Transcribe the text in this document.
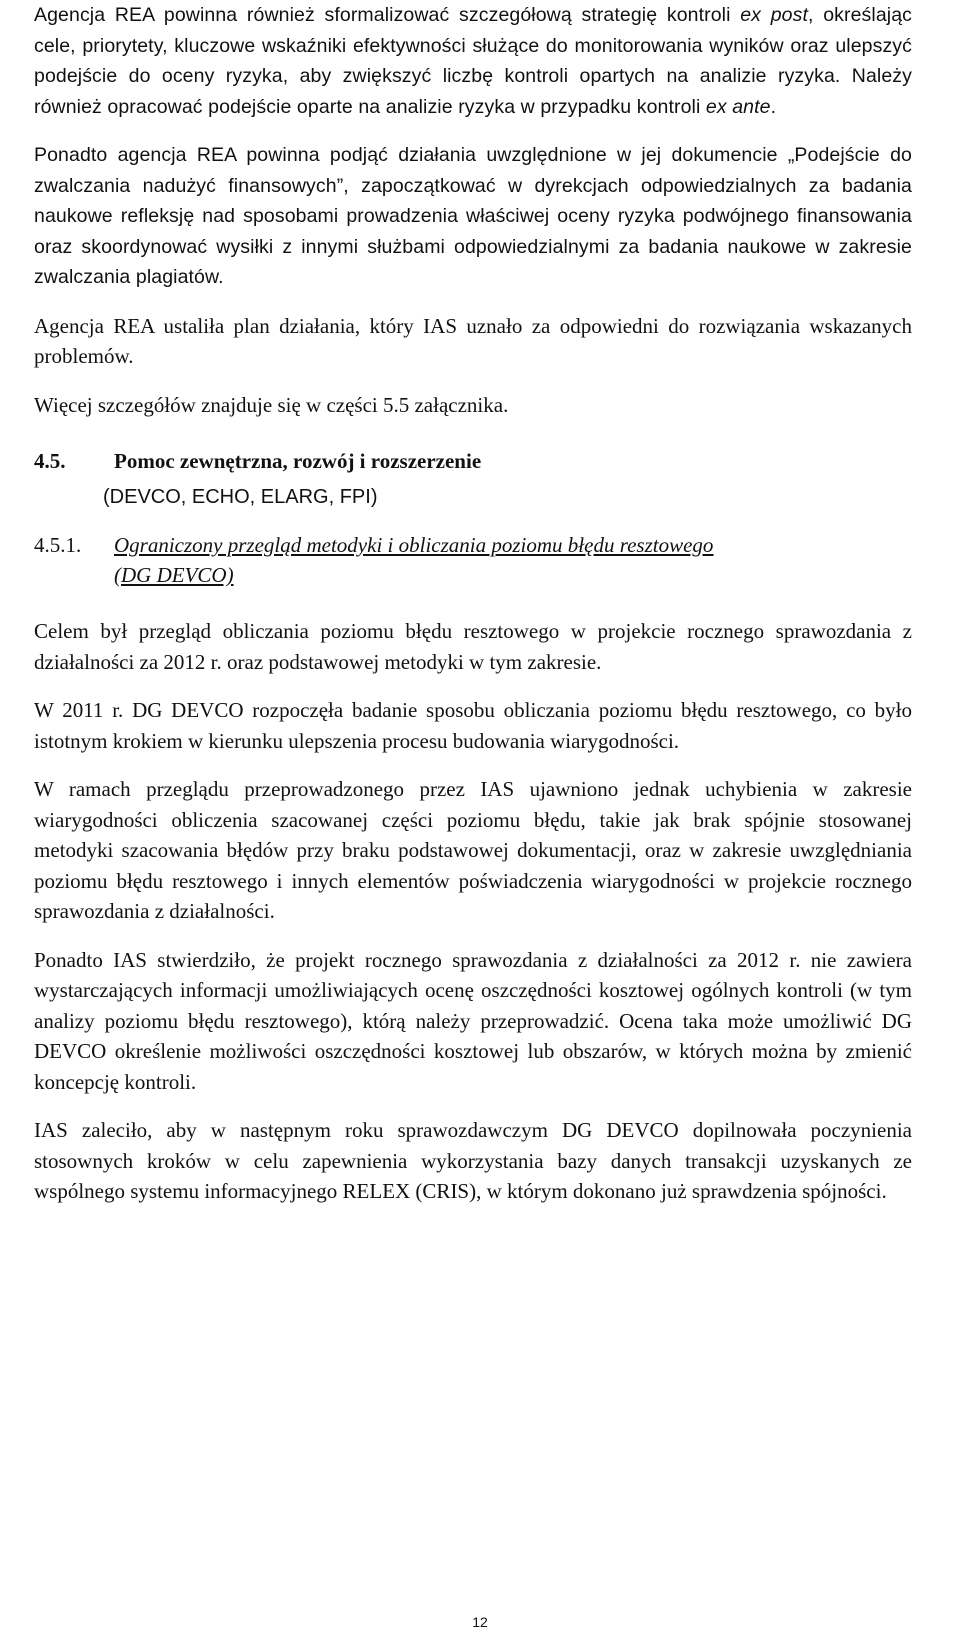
Agencja REA powinna również sformalizować szczegółową strategię kontroli ex post, określając cele, priorytety, kluczowe wskaźniki efektywności służące do monitorowania wyników oraz ulepszyć podejście do oceny ryzyka, aby zwiększyć liczbę kontroli opartych na analizie ryzyka. Należy również opracować podejście oparte na analizie ryzyka w przypadku kontroli ex ante.

Ponadto agencja REA powinna podjąć działania uwzględnione w jej dokumencie „Podejście do zwalczania nadużyć finansowych”, zapoczątkować w dyrekcjach odpowiedzialnych za badania naukowe refleksję nad sposobami prowadzenia właściwej oceny ryzyka podwójnego finansowania oraz skoordynować wysiłki z innymi służbami odpowiedzialnymi za badania naukowe w zakresie zwalczania plagiatów.

Agencja REA ustaliła plan działania, który IAS uznało za odpowiedni do rozwiązania wskazanych problemów.

Więcej szczegółów znajduje się w części 5.5 załącznika.

4.5.	Pomoc zewnętrzna, rozwój i rozszerzenie
(DEVCO, ECHO, ELARG, FPI)
4.5.1.	Ograniczony przegląd metodyki i obliczania poziomu błędu resztowego
(DG DEVCO)

Celem był przegląd obliczania poziomu błędu resztowego w projekcie rocznego sprawozdania z działalności za 2012 r. oraz podstawowej metodyki w tym zakresie.

W 2011 r. DG DEVCO rozpoczęła badanie sposobu obliczania poziomu błędu resztowego, co było istotnym krokiem w kierunku ulepszenia procesu budowania wiarygodności.

W ramach przeglądu przeprowadzonego przez IAS ujawniono jednak uchybienia w zakresie wiarygodności obliczenia szacowanej części poziomu błędu, takie jak brak spójnie stosowanej metodyki szacowania błędów przy braku podstawowej dokumentacji, oraz w zakresie uwzględniania poziomu błędu resztowego i innych elementów poświadczenia wiarygodności w projekcie rocznego sprawozdania z działalności.

Ponadto IAS stwierdziło, że projekt rocznego sprawozdania z działalności za 2012 r. nie zawiera wystarczających informacji umożliwiających ocenę oszczędności kosztowej ogólnych kontroli (w tym analizy poziomu błędu resztowego), którą należy przeprowadzić. Ocena taka może umożliwić DG DEVCO określenie możliwości oszczędności kosztowej lub obszarów, w których można by zmienić koncepcję kontroli.

IAS zaleciło, aby w następnym roku sprawozdawczym DG DEVCO dopilnowała poczynienia stosownych kroków w celu zapewnienia wykorzystania bazy danych transakcji uzyskanych ze wspólnego systemu informacyjnego RELEX (CRIS), w którym dokonano już sprawdzenia spójności.

12
